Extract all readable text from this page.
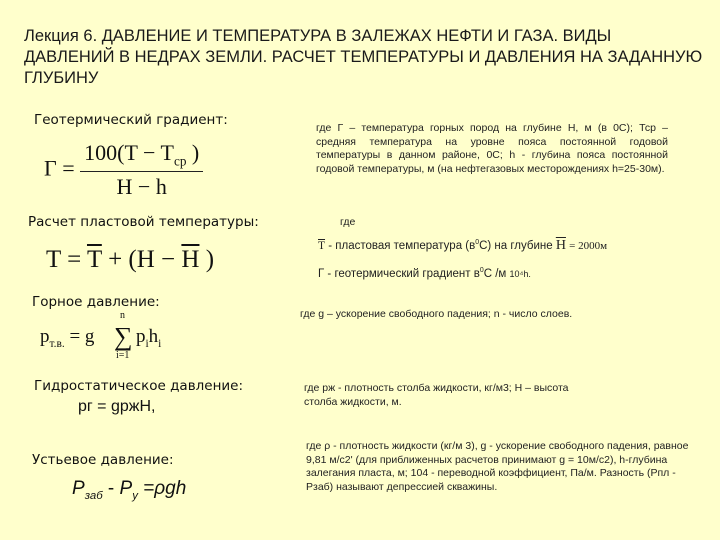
Лекция 6. ДАВЛЕНИЕ И ТЕМПЕРАТУРА В ЗАЛЕЖАХ НЕФТИ И ГАЗА. ВИДЫ ДАВЛЕНИЙ В НЕДРАХ ЗЕМЛИ. РАСЧЕТ ТЕМПЕРАТУРЫ И ДАВЛЕНИЯ НА ЗАДАННУЮ ГЛУБИНУ
Геотермический градиент:
$Г = \frac{100(T - T_{ср} )}{H - h}$
где Г – температура горных пород на глубине H, м (в 0C); Тср – средняя температура на уровне пояса постоянной годовой температуры в данном районе, 0C; h - глубина пояса постоянной годовой температуры, м (на нефтегазовых месторождениях h=25-30м).
Расчет пластовой температуры:
$T = \overline{T} + (H - \overline{H}$ )
где
$\overline{T}$ - пластовая температура $(в^0С)$ на глубине $\overline{H} = 2000м$
Г - геотермический градиент $в^0С$ /м 10⁴h.
Горное давление:
$p_{т.в.} = g$
n
∑
i=1
$p_ih_i$
где g – ускорение свободного падения; n - число слоев.
Гидростатическое давление:
pг = gpжH,
где pж - плотность столба жидкости, кг/м3; H – высота столба жидкости, м.
Устьевое давление:
$P_{заб} - P_у =\rho gh$
где ρ - плотность жидкости (кг/м 3), g - ускорение свободного падения, равное 9,81 м/с2' (для приближенных расчетов принимают g = 10м/с2), h-глубина залегания пласта, м; 104 - переводной коэффициент, Па/м. Разность (Рпл - Рзаб) называют депрессией скважины.
